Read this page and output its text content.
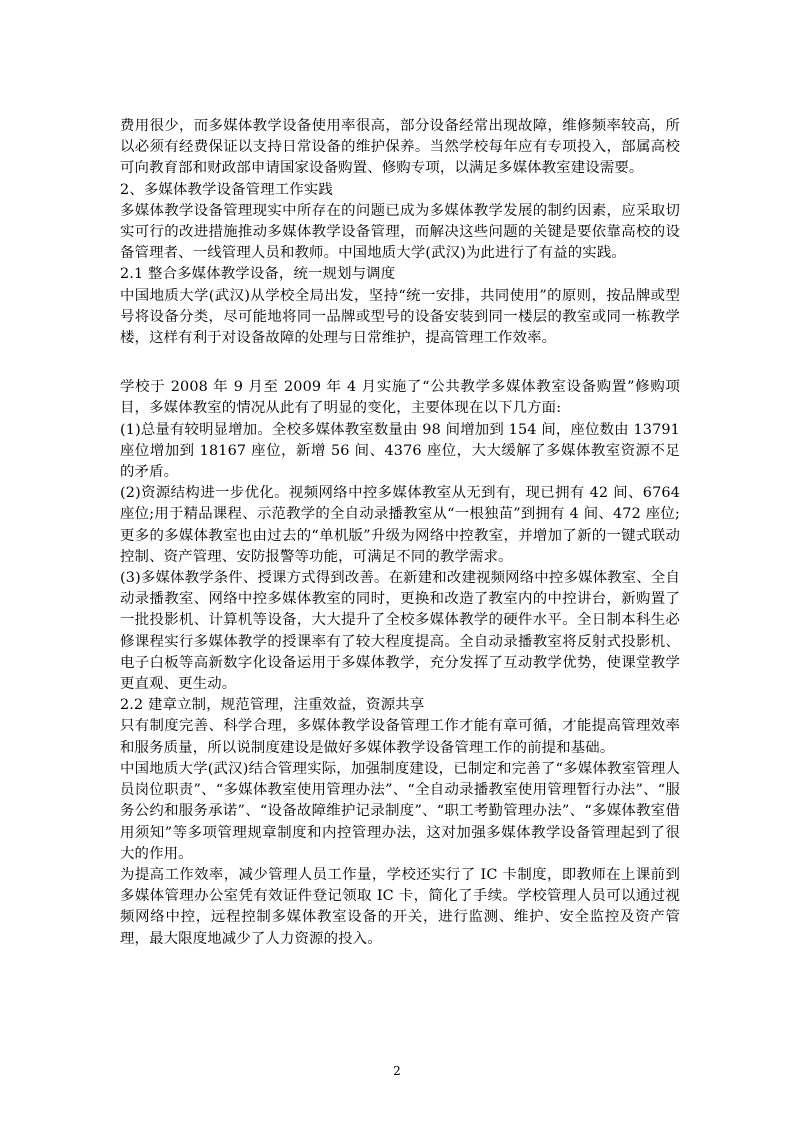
费用很少，而多媒体教学设备使用率很高，部分设备经常出现故障，维修频率较高，所以必须有经费保证以支持日常设备的维护保养。当然学校每年应有专项投入，部属高校可向教育部和财政部申请国家设备购置、修购专项，以满足多媒体教室建设需要。

2、多媒体教学设备管理工作实践

多媒体教学设备管理现实中所存在的问题已成为多媒体教学发展的制约因素，应采取切实可行的改进措施推动多媒体教学设备管理，而解决这些问题的关键是要依靠高校的设备管理者、一线管理人员和教师。中国地质大学(武汉)为此进行了有益的实践。

2.1 整合多媒体教学设备，统一规划与调度

中国地质大学(武汉)从学校全局出发，坚持“统一安排，共同使用”的原则，按品牌或型号将设备分类，尽可能地将同一品牌或型号的设备安装到同一楼层的教室或同一栋教学楼，这样有利于对设备故障的处理与日常维护，提高管理工作效率。

学校于 2008 年 9 月至 2009 年 4 月实施了“公共教学多媒体教室设备购置”修购项目，多媒体教室的情况从此有了明显的变化，主要体现在以下几方面:

(1)总量有较明显增加。全校多媒体教室数量由 98 间增加到 154 间，座位数由 13791 座位增加到 18167 座位，新增 56 间、4376 座位，大大缓解了多媒体教室资源不足的矛盾。

(2)资源结构进一步优化。视频网络中控多媒体教室从无到有，现已拥有 42 间、6764 座位;用于精品课程、示范教学的全自动录播教室从“一根独苗”到拥有 4 间、472 座位;更多的多媒体教室也由过去的“单机版”升级为网络中控教室，并增加了新的一键式联动控制、资产管理、安防报警等功能，可满足不同的教学需求。

(3)多媒体教学条件、授课方式得到改善。在新建和改建视频网络中控多媒体教室、全自动录播教室、网络中控多媒体教室的同时，更换和改造了教室内的中控讲台，新购置了一批投影机、计算机等设备，大大提升了全校多媒体教学的硬件水平。全日制本科生必修课程实行多媒体教学的授课率有了较大程度提高。全自动录播教室将反射式投影机、电子白板等高新数字化设备运用于多媒体教学，充分发挥了互动教学优势，使课堂教学更直观、更生动。

2.2 建章立制，规范管理，注重效益，资源共享

只有制度完善、科学合理，多媒体教学设备管理工作才能有章可循，才能提高管理效率和服务质量，所以说制度建设是做好多媒体教学设备管理工作的前提和基础。

中国地质大学(武汉)结合管理实际，加强制度建设，已制定和完善了“多媒体教室管理人员岗位职责”、“多媒体教室使用管理办法”、“全自动录播教室使用管理暂行办法”、“服务公约和服务承诺”、“设备故障维护记录制度”、“职工考勤管理办法”、“多媒体教室借用须知”等多项管理规章制度和内控管理办法，这对加强多媒体教学设备管理起到了很大的作用。

为提高工作效率，减少管理人员工作量，学校还实行了 IC 卡制度，即教师在上课前到多媒体管理办公室凭有效证件登记领取 IC 卡，简化了手续。学校管理人员可以通过视频网络中控，远程控制多媒体教室设备的开关，进行监测、维护、安全监控及资产管理，最大限度地减少了人力资源的投入。

2
